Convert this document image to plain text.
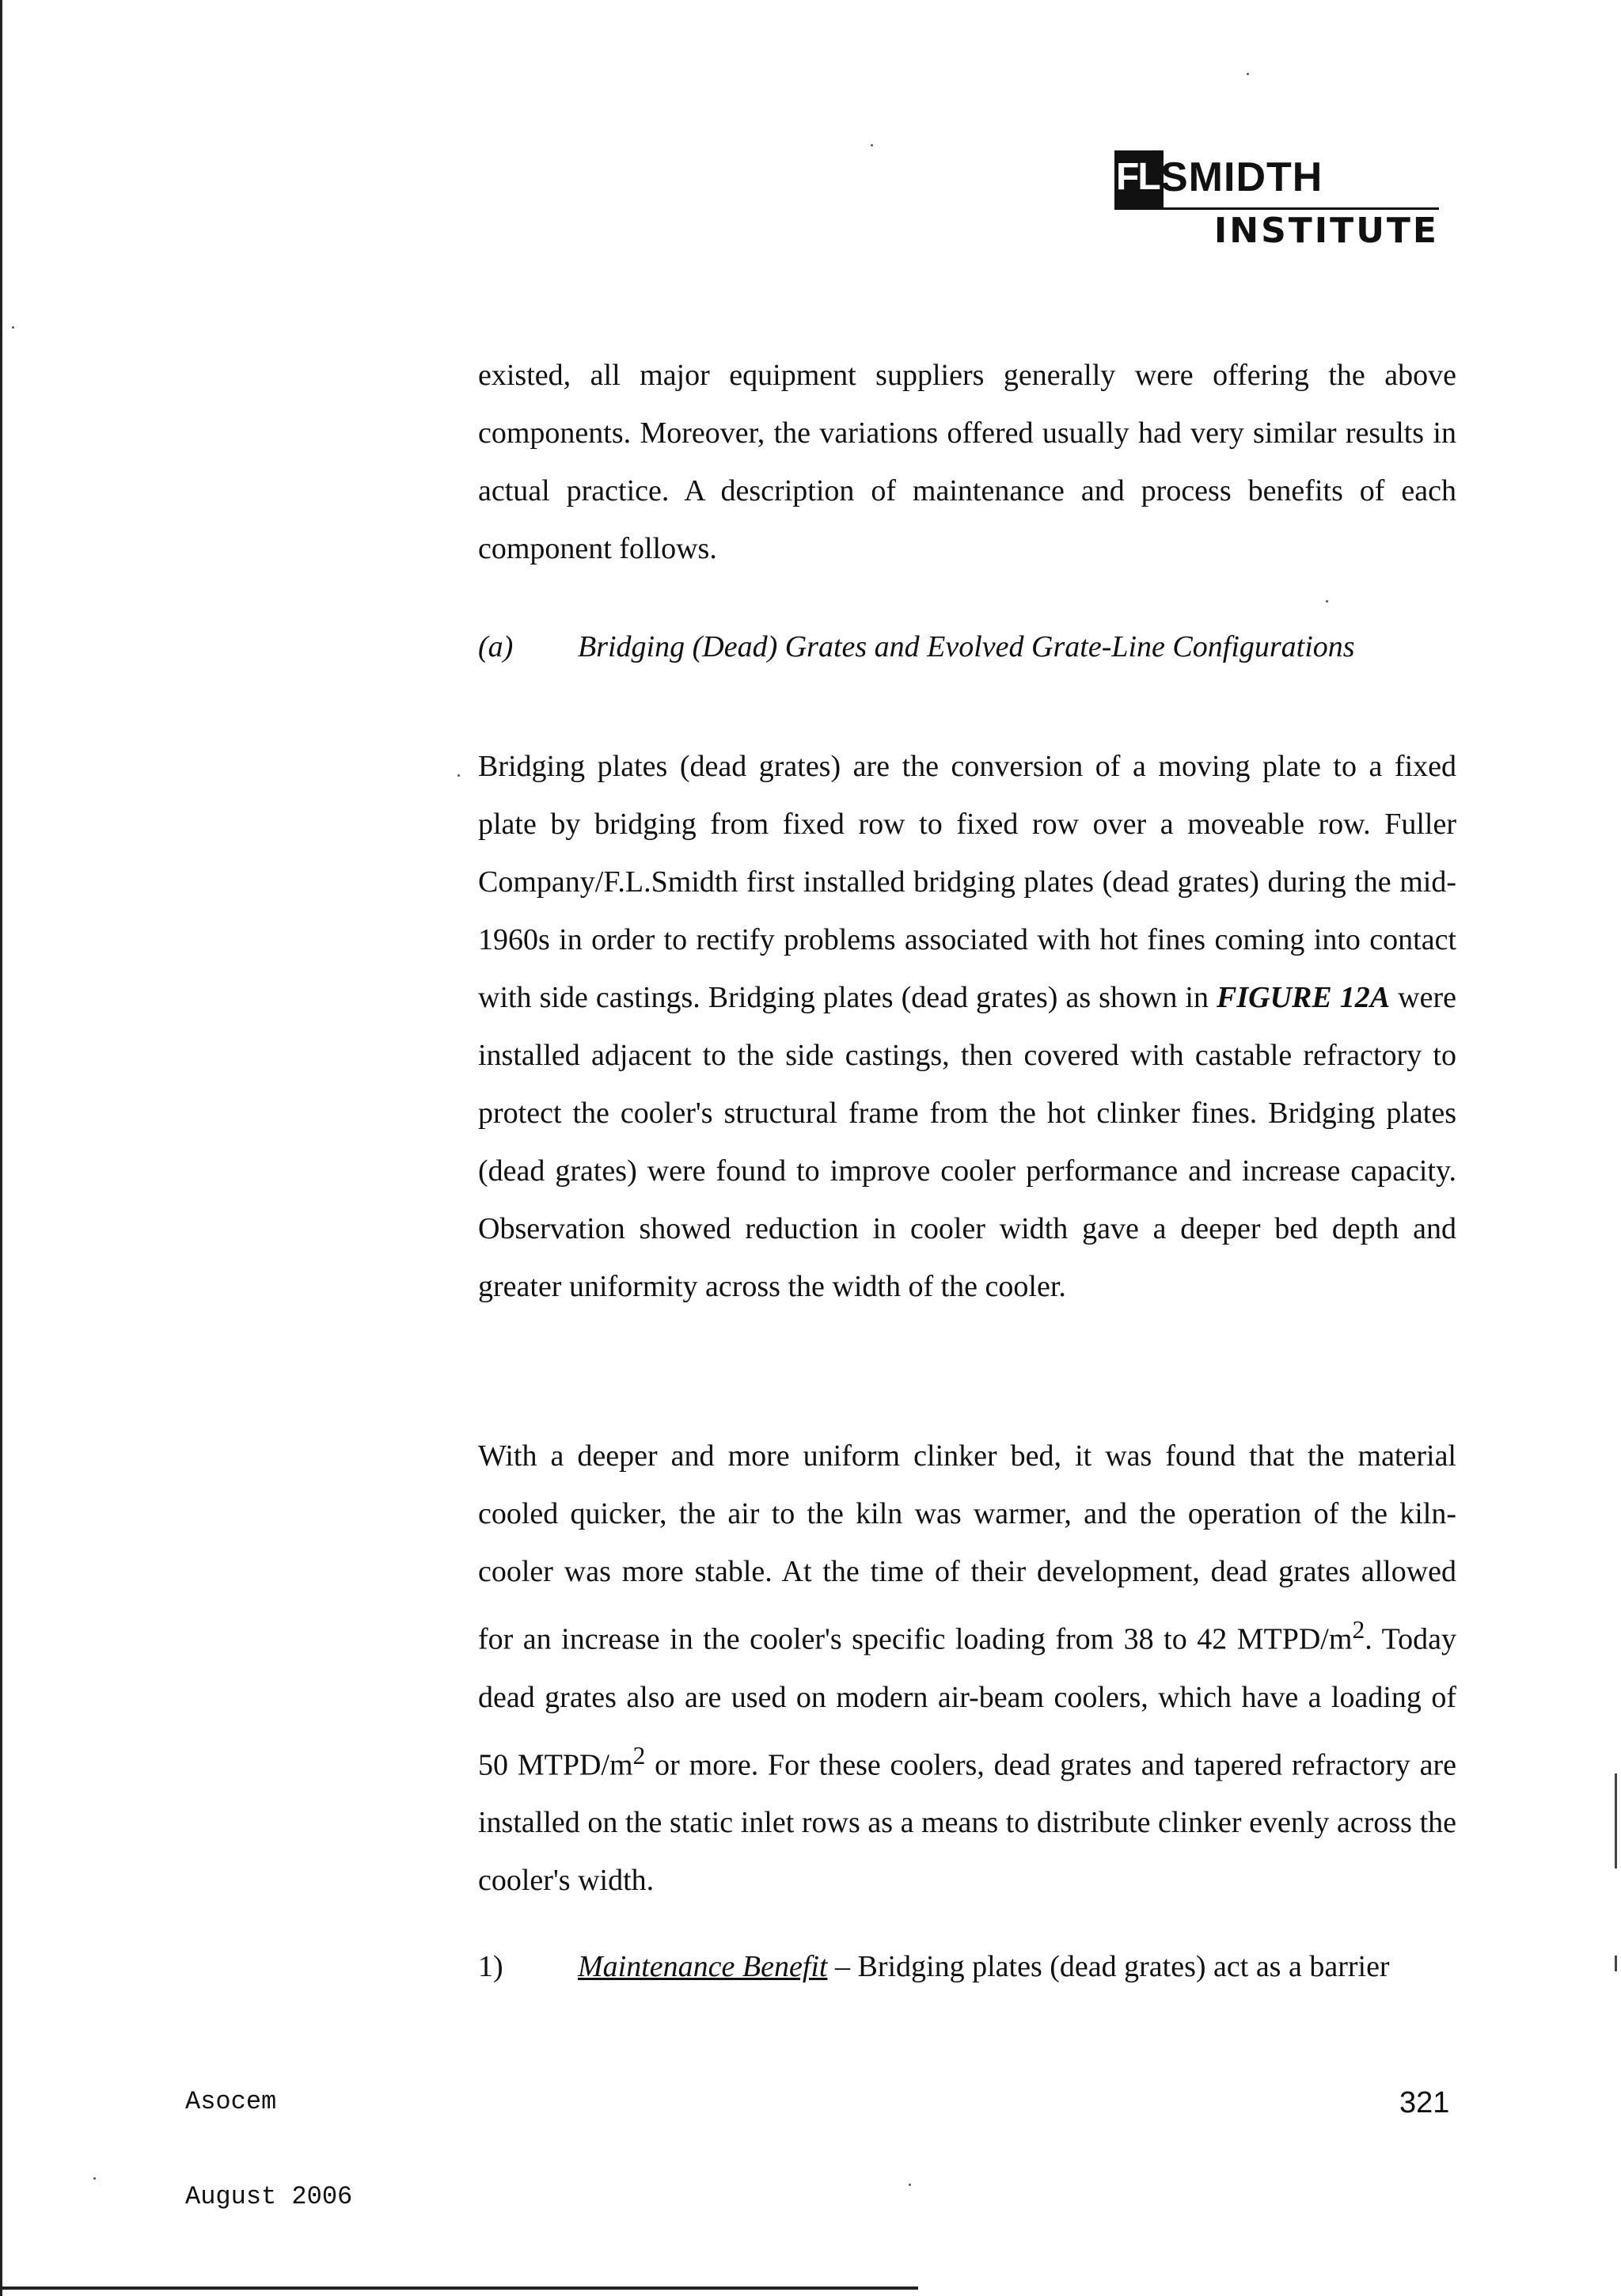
FL SMIDTH
INSTITUTE

existed, all major equipment suppliers generally were offering the above components. Moreover, the variations offered usually had very similar results in actual practice. A description of maintenance and process benefits of each component follows.

(a) Bridging (Dead) Grates and Evolved Grate-Line Configurations

Bridging plates (dead grates) are the conversion of a moving plate to a fixed plate by bridging from fixed row to fixed row over a moveable row. Fuller Company/F.L.Smidth first installed bridging plates (dead grates) during the mid-1960s in order to rectify problems associated with hot fines coming into contact with side castings. Bridging plates (dead grates) as shown in FIGURE 12A were installed adjacent to the side castings, then covered with castable refractory to protect the cooler's structural frame from the hot clinker fines. Bridging plates (dead grates) were found to improve cooler performance and increase capacity. Observation showed reduction in cooler width gave a deeper bed depth and greater uniformity across the width of the cooler.

With a deeper and more uniform clinker bed, it was found that the material cooled quicker, the air to the kiln was warmer, and the operation of the kiln-cooler was more stable. At the time of their development, dead grates allowed for an increase in the cooler's specific loading from 38 to 42 MTPD/$m^2$. Today dead grates also are used on modern air-beam coolers, which have a loading of 50 MTPD/$m^2$ or more. For these coolers, dead grates and tapered refractory are installed on the static inlet rows as a means to distribute clinker evenly across the cooler's width.

1) Maintenance Benefit – Bridging plates (dead grates) act as a barrier

Asocem

August 2006

321
